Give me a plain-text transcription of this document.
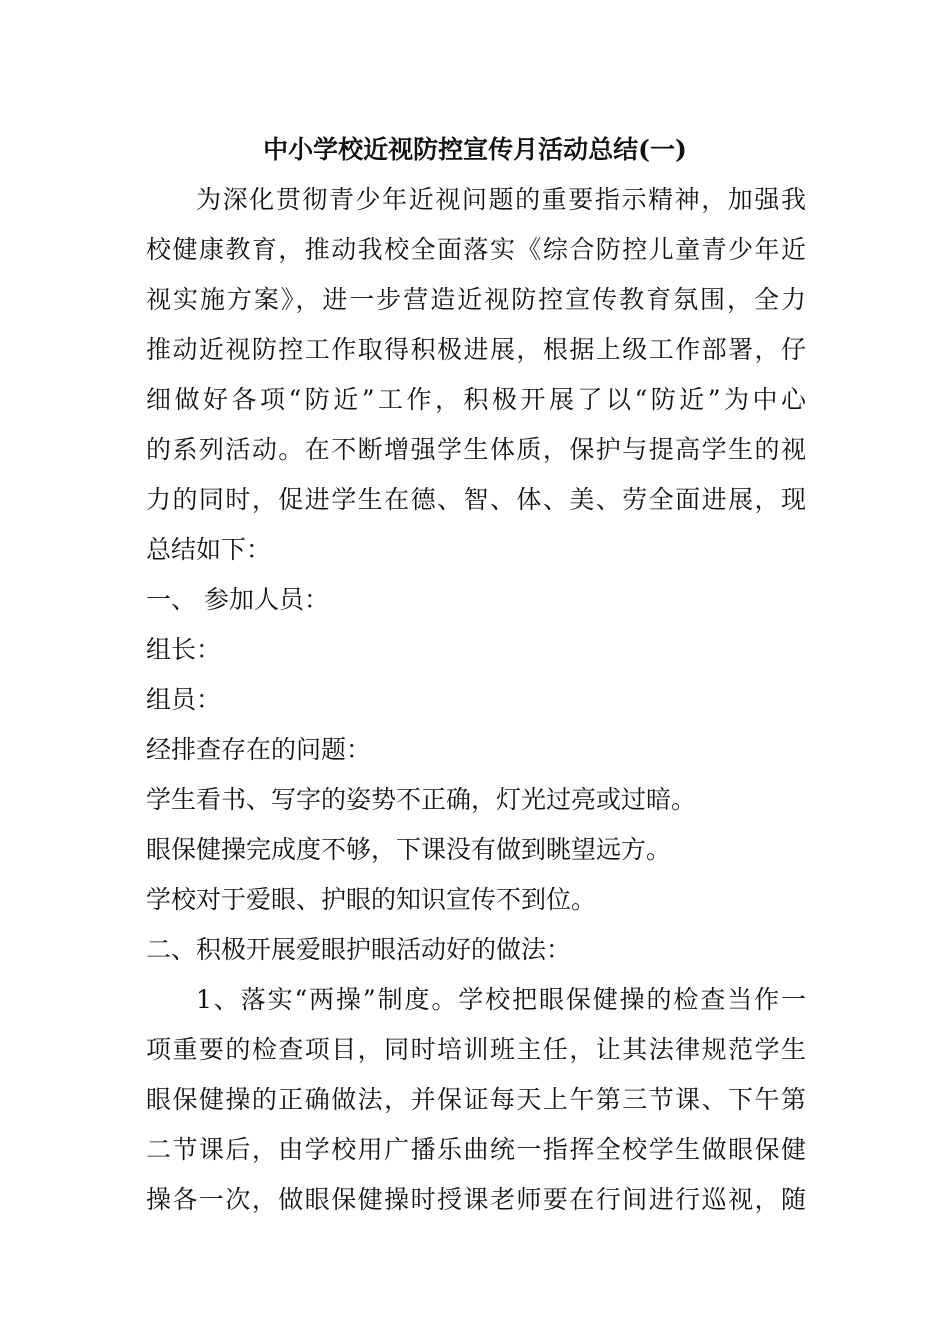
中小学校近视防控宣传月活动总结(一)
为深化贯彻青少年近视问题的重要指示精神，加强我
校健康教育，推动我校全面落实《综合防控儿童青少年近
视实施方案》，进一步营造近视防控宣传教育氛围，全力
推动近视防控工作取得积极进展，根据上级工作部署，仔
细做好各项“防近”工作，积极开展了以“防近”为中心
的系列活动。在不断增强学生体质，保护与提高学生的视
力的同时，促进学生在德、智、体、美、劳全面进展，现
总结如下：
一、 参加人员：
组长：
组员：
经排查存在的问题：
学生看书、写字的姿势不正确，灯光过亮或过暗。
眼保健操完成度不够，下课没有做到眺望远方。
学校对于爱眼、护眼的知识宣传不到位。
二、积极开展爱眼护眼活动好的做法：
1、落实“两操”制度。学校把眼保健操的检查当作一
项重要的检查项目，同时培训班主任，让其法律规范学生
眼保健操的正确做法，并保证每天上午第三节课、下午第
二节课后，由学校用广播乐曲统一指挥全校学生做眼保健
操各一次，做眼保健操时授课老师要在行间进行巡视，随
